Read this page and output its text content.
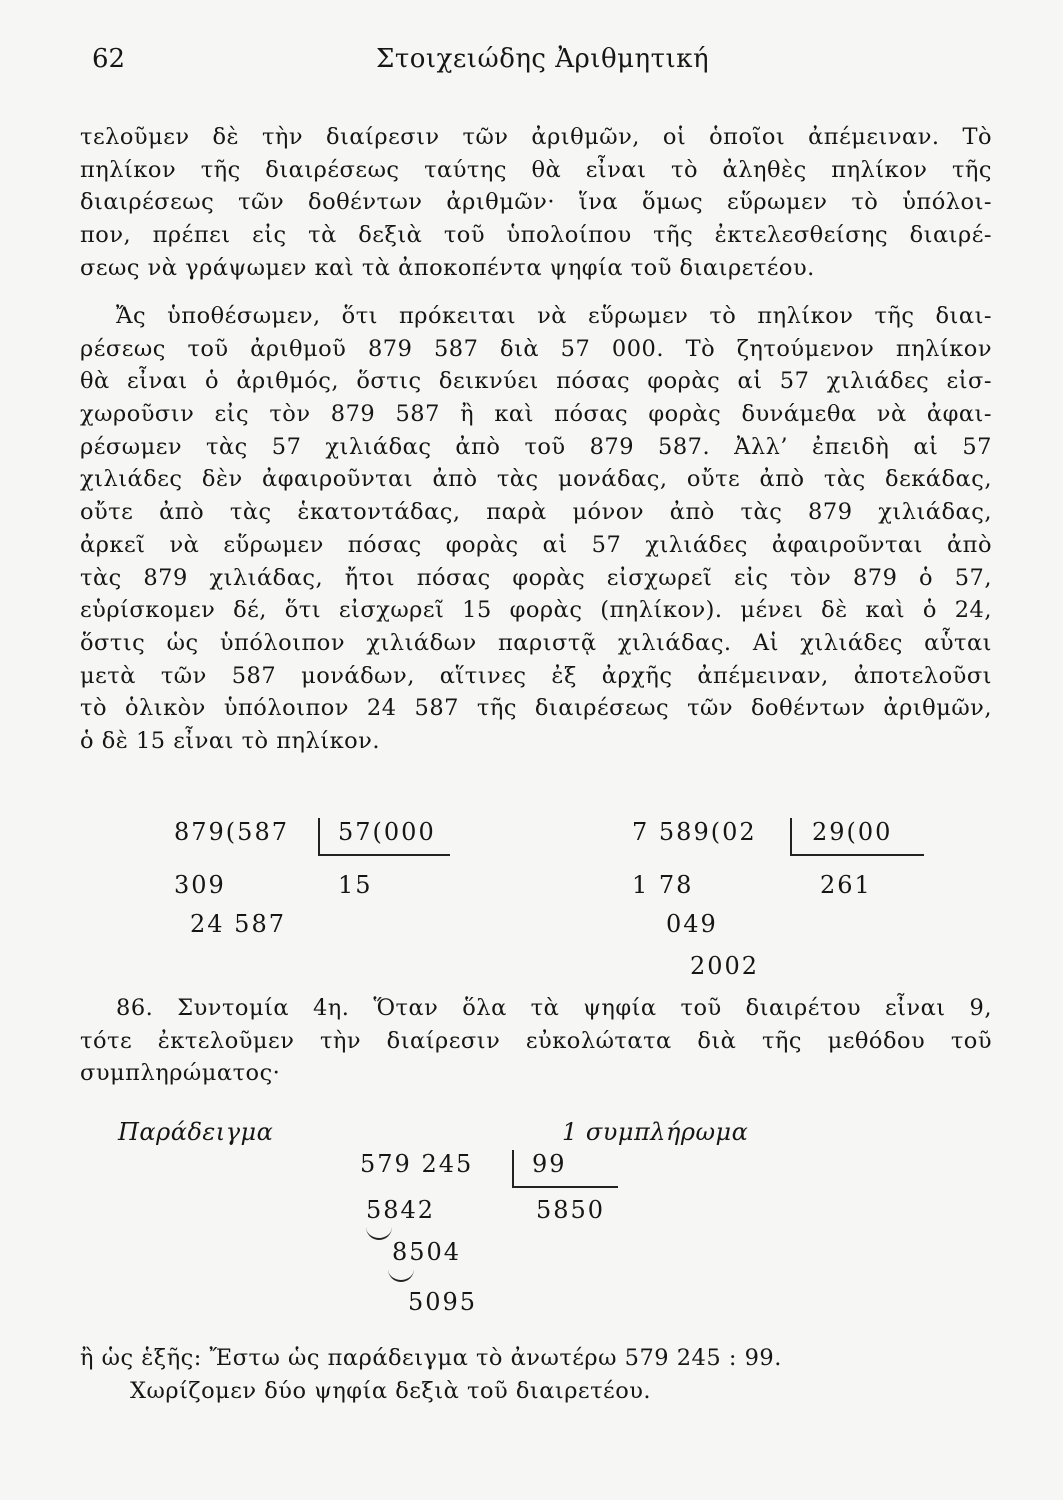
62	Στοιχειώδης Ἀριθμητική
τελοῦμεν δὲ τὴν διαίρεσιν τῶν ἀριθμῶν, οἱ ὁποῖοι ἀπέμειναν. Τὸ
πηλίκον τῆς διαιρέσεως ταύτης θὰ εἶναι τὸ ἀληθὲς πηλίκον τῆς
διαιρέσεως τῶν δοθέντων ἀριθμῶν· ἵνα ὅμως εὕρωμεν τὸ ὑπόλοι-
πον, πρέπει εἰς τὰ δεξιὰ τοῦ ὑπολοίπου τῆς ἐκτελεσθείσης διαιρέ-
σεως νὰ γράψωμεν καὶ τὰ ἀποκοπέντα ψηφία τοῦ διαιρετέου.
Ἄς ὑποθέσωμεν, ὅτι πρόκειται νὰ εὕρωμεν τὸ πηλίκον τῆς διαι-
ρέσεως τοῦ ἀριθμοῦ 879 587 διὰ 57 000. Τὸ ζητούμενον πηλίκον
θὰ εἶναι ὁ ἀριθμός, ὅστις δεικνύει πόσας φορὰς αἱ 57 χιλιάδες εἰσ-
χωροῦσιν εἰς τὸν 879 587 ἢ καὶ πόσας φορὰς δυνάμεθα νὰ ἀφαι-
ρέσωμεν τὰς 57 χιλιάδας ἀπὸ τοῦ 879 587. Ἀλλ’ ἐπειδὴ αἱ 57
χιλιάδες δὲν ἀφαιροῦνται ἀπὸ τὰς μονάδας, οὔτε ἀπὸ τὰς δεκάδας,
οὔτε ἀπὸ τὰς ἑκατοντάδας, παρὰ μόνον ἀπὸ τὰς 879 χιλιάδας,
ἀρκεῖ νὰ εὕρωμεν πόσας φορὰς αἱ 57 χιλιάδες ἀφαιροῦνται ἀπὸ
τὰς 879 χιλιάδας, ἤτοι πόσας φορὰς εἰσχωρεῖ εἰς τὸν 879 ὁ 57,
εὑρίσκομεν δέ, ὅτι εἰσχωρεῖ 15 φορὰς (πηλίκον). μένει δὲ καὶ ὁ 24,
ὅστις ὡς ὑπόλοιπον χιλιάδων παριστᾷ χιλιάδας. Αἱ χιλιάδες αὗται
μετὰ τῶν 587 μονάδων, αἵτινες ἐξ ἀρχῆς ἀπέμειναν, ἀποτελοῦσι
τὸ ὁλικὸν ὑπόλοιπον 24 587 τῆς διαιρέσεως τῶν δοθέντων ἀριθμῶν,
ὁ δὲ 15 εἶναι τὸ πηλίκον.
879(587 57(000
309	15
24 587
7 589(02 29(00
1 78	261
049
2002
86. Συντομία 4η. Ὅταν ὅλα τὰ ψηφία τοῦ διαιρέτου εἶναι 9,
τότε ἐκτελοῦμεν τὴν διαίρεσιν εὐκολώτατα διὰ τῆς μεθόδου τοῦ
συμπληρώματος·
Παράδειγμα	1 συμπλήρωμα
579 245 99
5842	5850
8504
5095
ἢ ὡς ἑξῆς: Ἔστω ὡς παράδειγμα τὸ ἀνωτέρω 579 245 : 99.
Χωρίζομεν δύο ψηφία δεξιὰ τοῦ διαιρετέου.
